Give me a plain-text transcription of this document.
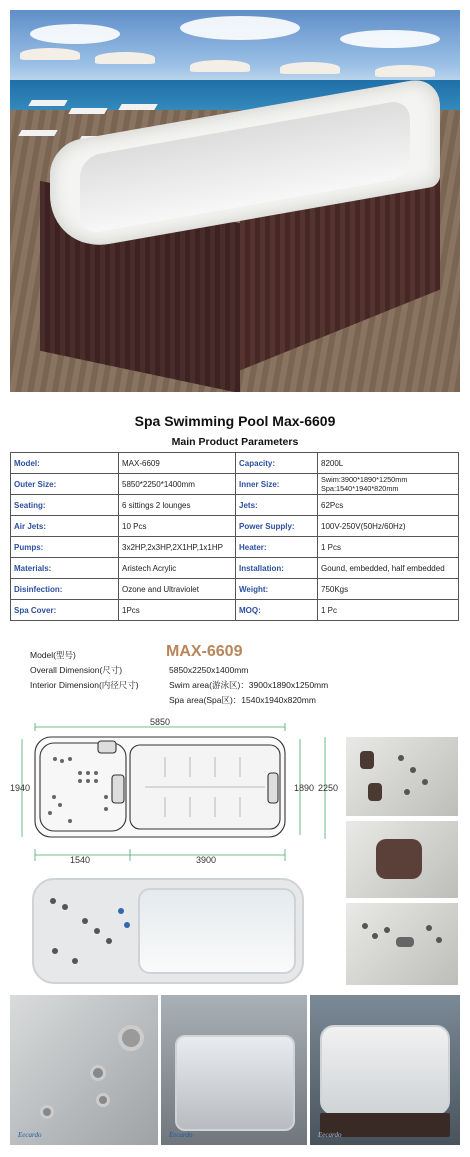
Spa Swimming Pool Max-6609
Main Product Parameters
Model:	MAX-6609	Capacity:	8200L
Outer Size:	5850*2250*1400mm	Inner Size:	Swim:3900*1890*1250mm
Spa:1540*1940*820mm

Seating:	6 sittings 2 lounges	Jets:	62Pcs
Air Jets:	10 Pcs	Power Supply:	100V-250V(50Hz/60Hz)
Pumps:	3x2HP,2x3HP,2X1HP,1x1HP	Heater:	1 Pcs
Materials:	Aristech Acrylic	Installation:	Gound, embedded, half embedded
Disinfection:	Ozone and Ultraviolet	Weight:	750Kgs
Spa Cover:	1Pcs	MOQ:	1 Pc
Model(型号)
Overall Dimension(尺寸)	5850x2250x1400mm
Interior Dimension(内径尺寸)	Swim area(游泳区)：3900x1890x1250mm
Spa area(Spa区)：1540x1940x820mm
MAX-6609
5850
1940	1890 2250
1540	3900
Eecardo	Eecardo	Eecardo
